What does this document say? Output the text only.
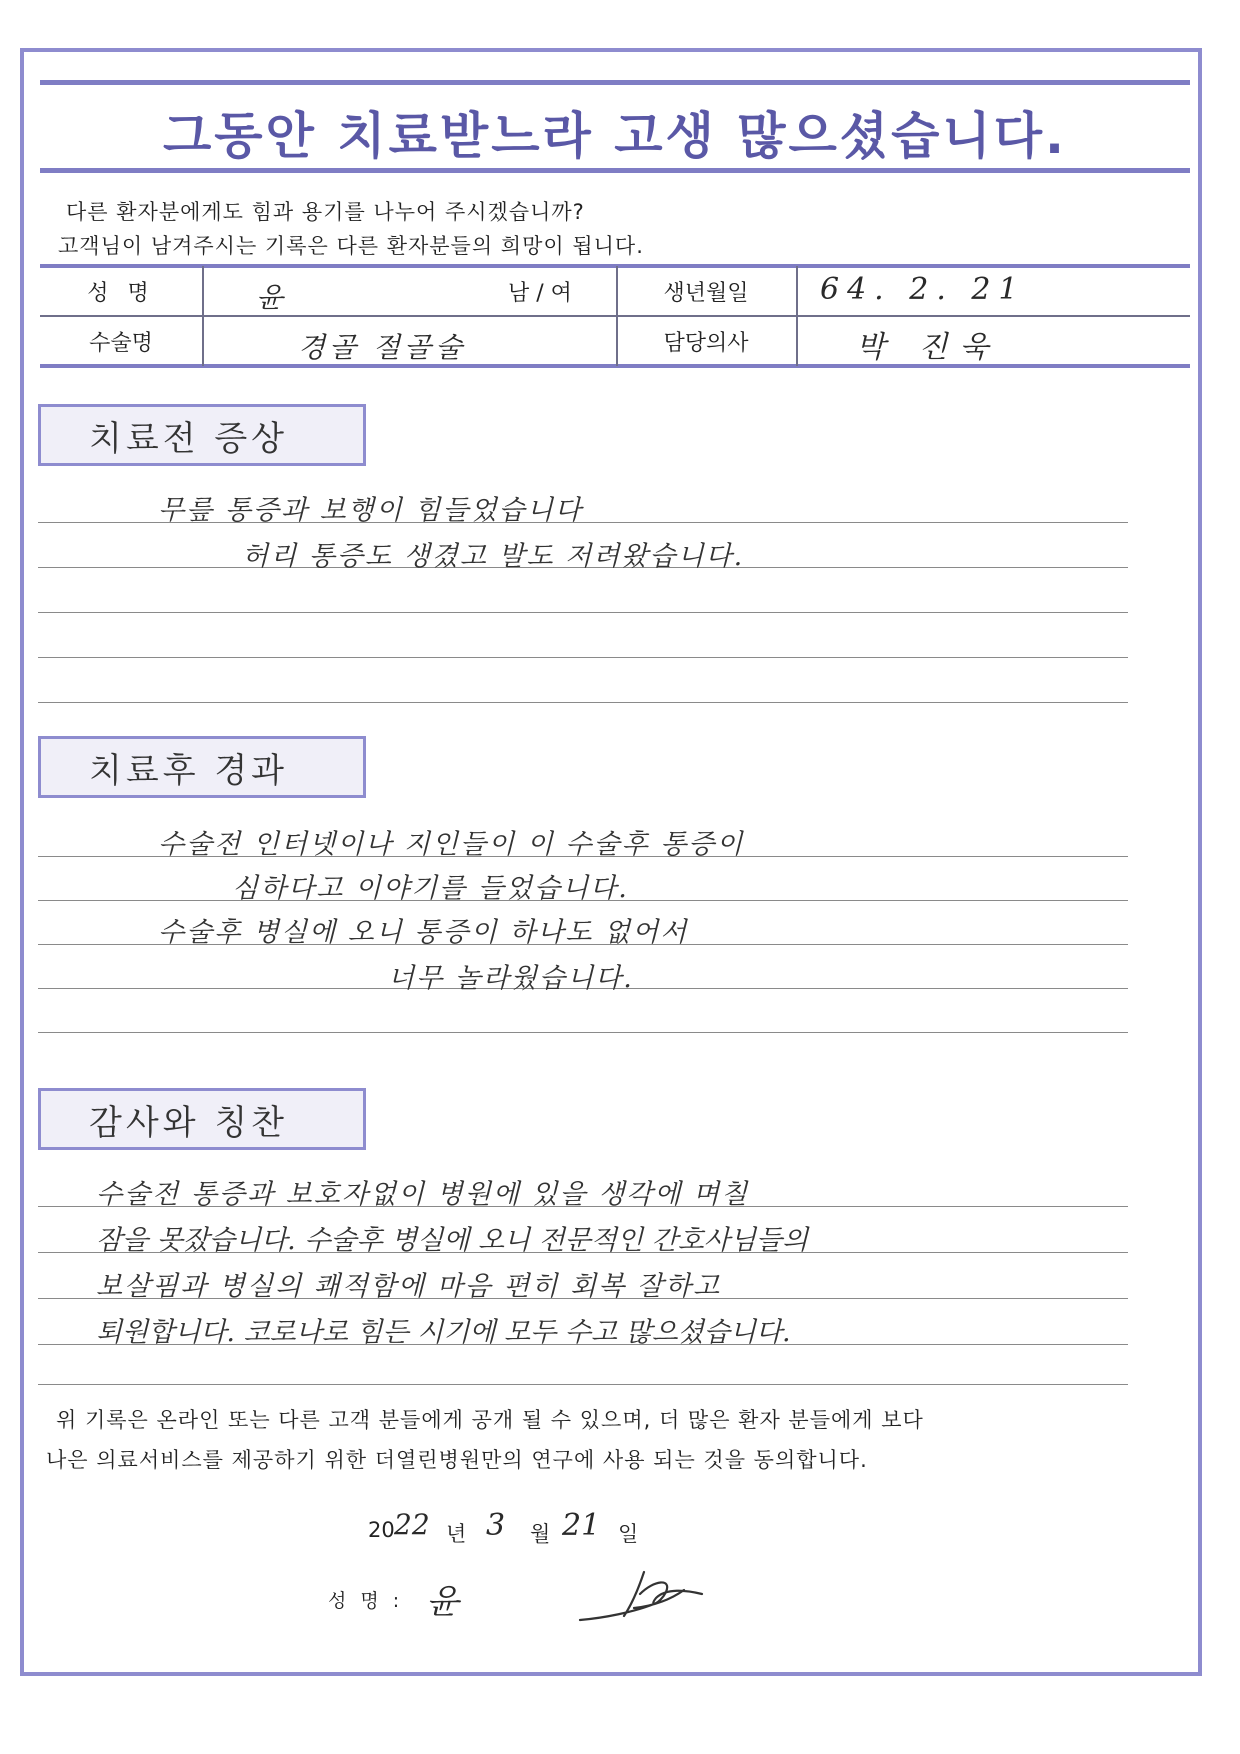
그동안 치료받느라 고생 많으셨습니다.
다른 환자분에게도 힘과 용기를 나누어 주시겠습니까?
고객님이 남겨주시는 기록은 다른 환자분들의 희망이 됩니다.
성 명	윤	남 / 여	생년월일	64. 2. 21
수술명	경골 절골술	담당의사	박 진욱
치료전 증상
무릎 통증과 보행이 힘들었습니다
허리 통증도 생겼고 발도 저려왔습니다.
치료후 경과
수술전 인터넷이나 지인들이 이 수술후 통증이
심하다고 이야기를 들었습니다.
수술후 병실에 오니 통증이 하나도 없어서
너무 놀라웠습니다.
감사와 칭찬
수술전 통증과 보호자없이 병원에 있을 생각에 며칠
잠을 못잤습니다. 수술후 병실에 오니 전문적인 간호사님들의
보살핌과 병실의 쾌적함에 마음 편히 회복 잘하고
퇴원합니다. 코로나로 힘든 시기에 모두 수고 많으셨습니다.
위 기록은 온라인 또는 다른 고객 분들에게 공개 될 수 있으며, 더 많은 환자 분들에게 보다
나은 의료서비스를 제공하기 위한 더열린병원만의 연구에 사용 되는 것을 동의합니다.
20 22 년 3 월 21 일
성 명 : 윤
